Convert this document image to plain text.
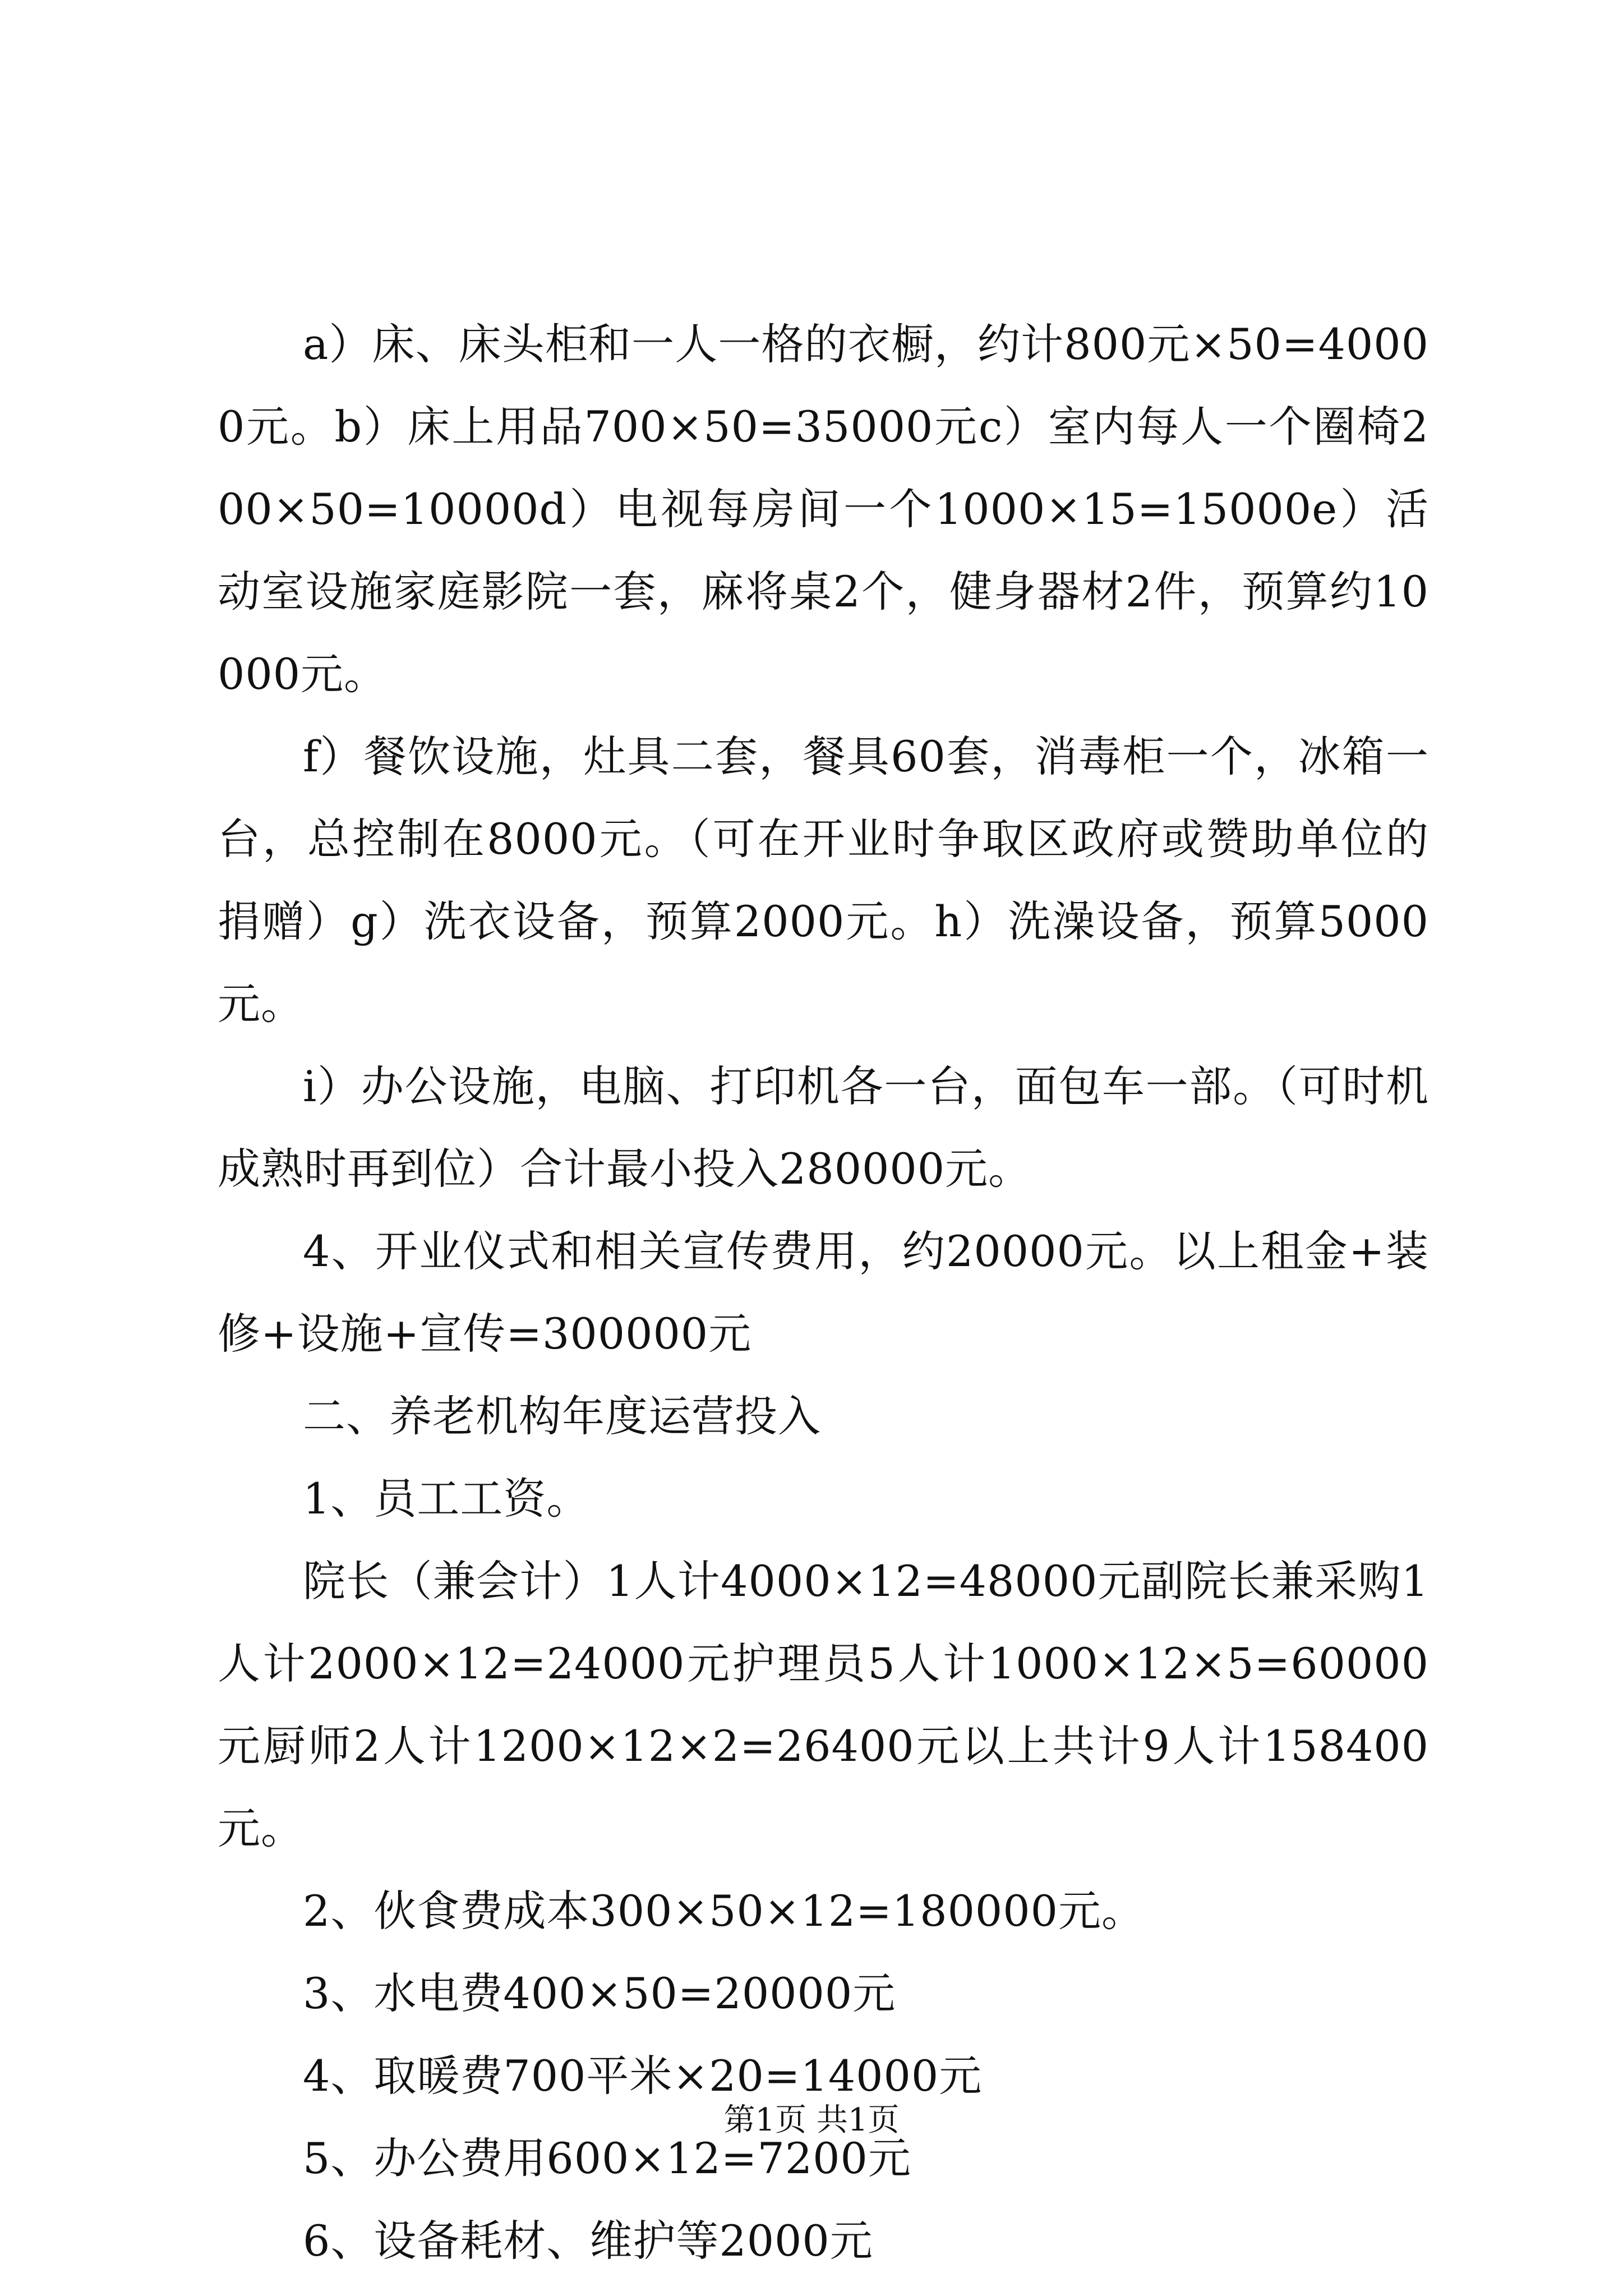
a）床、床头柜和一人一格的衣橱，约计800元×50=40000元。b）床上用品700×50=35000元c）室内每人一个圈椅200×50=10000d）电视每房间一个1000×15=15000e）活动室设施家庭影院一套，麻将桌2个，健身器材2件，预算约10000元。

f）餐饮设施，灶具二套，餐具60套，消毒柜一个，冰箱一台，总控制在8000元。（可在开业时争取区政府或赞助单位的捐赠）g）洗衣设备，预算2000元。h）洗澡设备，预算5000元。

i）办公设施，电脑、打印机各一台，面包车一部。（可时机成熟时再到位）合计最小投入280000元。

4、开业仪式和相关宣传费用，约20000元。以上租金+装修+设施+宣传=300000元

二、养老机构年度运营投入

1、员工工资。

院长（兼会计）1人计4000×12=48000元副院长兼采购1人计2000×12=24000元护理员5人计1000×12×5=60000元厨师2人计1200×12×2=26400元以上共计9人计158400元。

2、伙食费成本300×50×12=180000元。

3、水电费400×50=20000元

4、取暖费700平米×20=14000元

5、办公费用600×12=7200元

6、设备耗材、维护等2000元

第1页 共1页
